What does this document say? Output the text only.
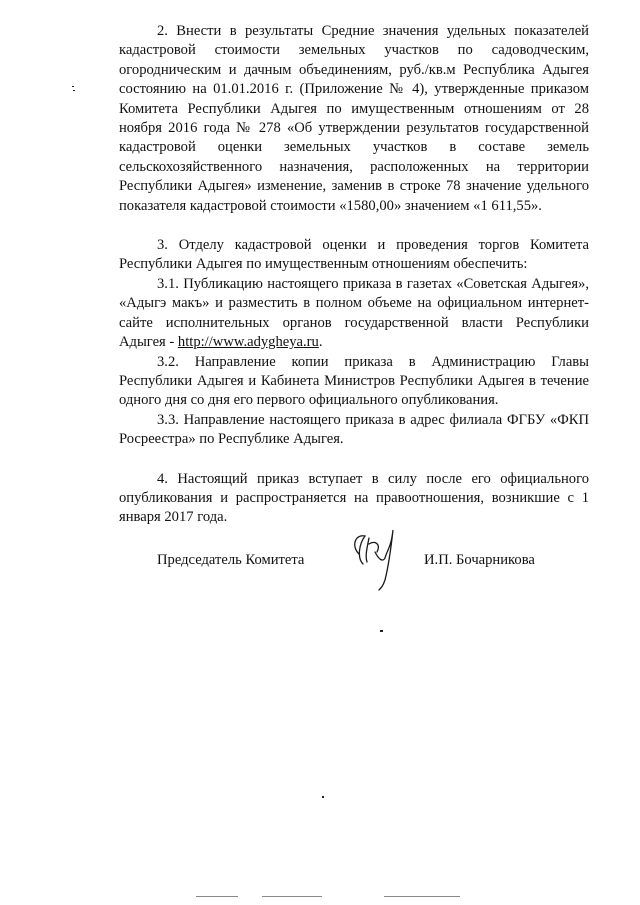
2. Внести в результаты Средние значения удельных показателей кадастровой стоимости земельных участков по садоводческим, огородническим и дачным объединениям, руб./кв.м Республика Адыгея состоянию на 01.01.2016 г. (Приложение № 4), утвержденные приказом Комитета Республики Адыгея по имущественным отношениям от 28 ноября 2016 года № 278 «Об утверждении результатов государственной кадастровой оценки земельных участков в составе земель сельскохозяйственного назначения, расположенных на территории Республики Адыгея» изменение, заменив в строке 78 значение удельного показателя кадастровой стоимости «1580,00» значением «1 611,55».

3. Отделу кадастровой оценки и проведения торгов Комитета Республики Адыгея по имущественным отношениям обеспечить:

3.1. Публикацию настоящего приказа в газетах «Советская Адыгея», «Адыгэ макъ» и разместить в полном объеме на официальном интернет-сайте исполнительных органов государственной власти Республики Адыгея - http://www.adygheya.ru.

3.2. Направление копии приказа в Администрацию Главы Республики Адыгея и Кабинета Министров Республики Адыгея в течение одного дня со дня его первого официального опубликования.

3.3. Направление настоящего приказа в адрес филиала ФГБУ «ФКП Росреестра» по Республике Адыгея.

4. Настоящий приказ вступает в силу после его официального опубликования и распространяется на правоотношения, возникшие с 1 января 2017 года.

Председатель Комитета	И.П. Бочарникова
